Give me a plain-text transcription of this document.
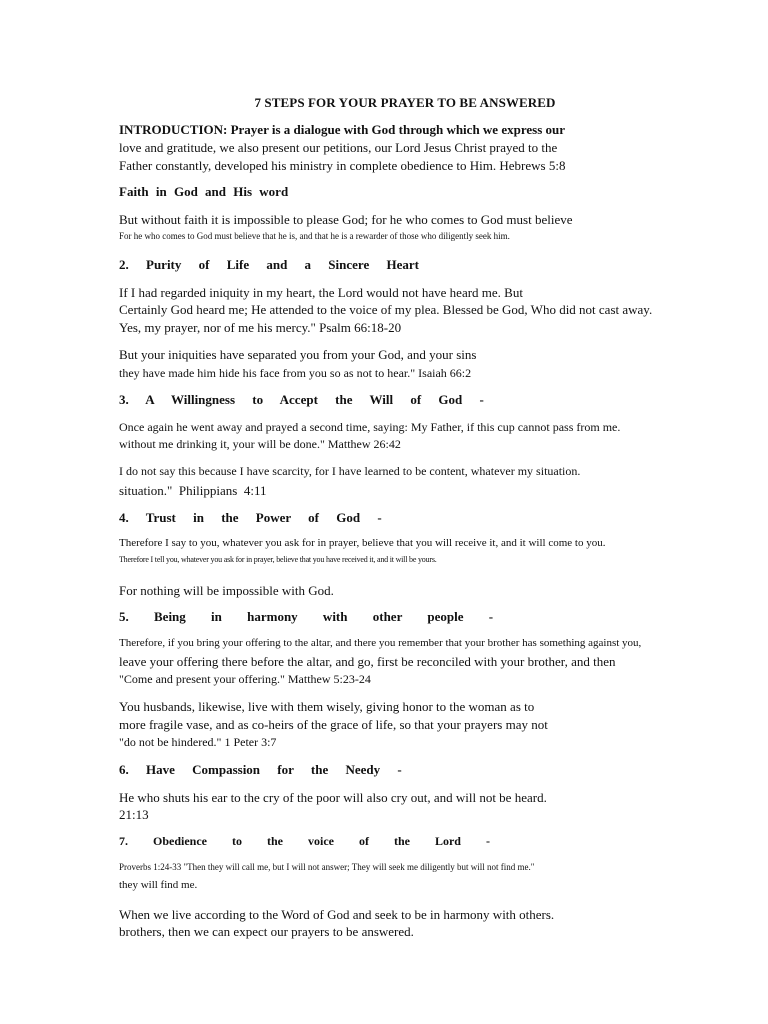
7 STEPS FOR YOUR PRAYER TO BE ANSWERED
INTRODUCTION: Prayer is a dialogue with God through which we express our
love and gratitude, we also present our petitions, our Lord Jesus Christ prayed to the
Father constantly, developed his ministry in complete obedience to Him. Hebrews 5:8
Faith in God and His word
But without faith it is impossible to please God; for he who comes to God must believe
For he who comes to God must believe that he is, and that he is a rewarder of those who diligently seek him.
2. Purity of Life and a Sincere Heart
If I had regarded iniquity in my heart, the Lord would not have heard me. But
Certainly God heard me; He attended to the voice of my plea. Blessed be God, Who did not cast away.
Yes, my prayer, nor of me his mercy." Psalm 66:18-20
But your iniquities have separated you from your God, and your sins
they have made him hide his face from you so as not to hear." Isaiah 66:2
3. A Willingness to Accept the Will of God -
Once again he went away and prayed a second time, saying: My Father, if this cup cannot pass from me.
without me drinking it, your will be done." Matthew 26:42
I do not say this because I have scarcity, for I have learned to be content, whatever my situation.
situation."  Philippians  4:11
4. Trust in the Power of God -
Therefore I say to you, whatever you ask for in prayer, believe that you will receive it, and it will come to you.
Therefore I tell you, whatever you ask for in prayer, believe that you have received it, and it will be yours.
For nothing will be impossible with God.
5. Being in harmony with other people -
Therefore, if you bring your offering to the altar, and there you remember that your brother has something against you,
leave your offering there before the altar, and go, first be reconciled with your brother, and then
"Come and present your offering." Matthew 5:23-24
You husbands, likewise, live with them wisely, giving honor to the woman as to
more fragile vase, and as co-heirs of the grace of life, so that your prayers may not
"do not be hindered." 1 Peter 3:7
6. Have Compassion for the Needy -
He who shuts his ear to the cry of the poor will also cry out, and will not be heard.
21:13
7. Obedience to the voice of the Lord -
Proverbs 1:24-33 "Then they will call me, but I will not answer; They will seek me diligently but will not find me."
they will find me.
When we live according to the Word of God and seek to be in harmony with others.
brothers, then we can expect our prayers to be answered.
